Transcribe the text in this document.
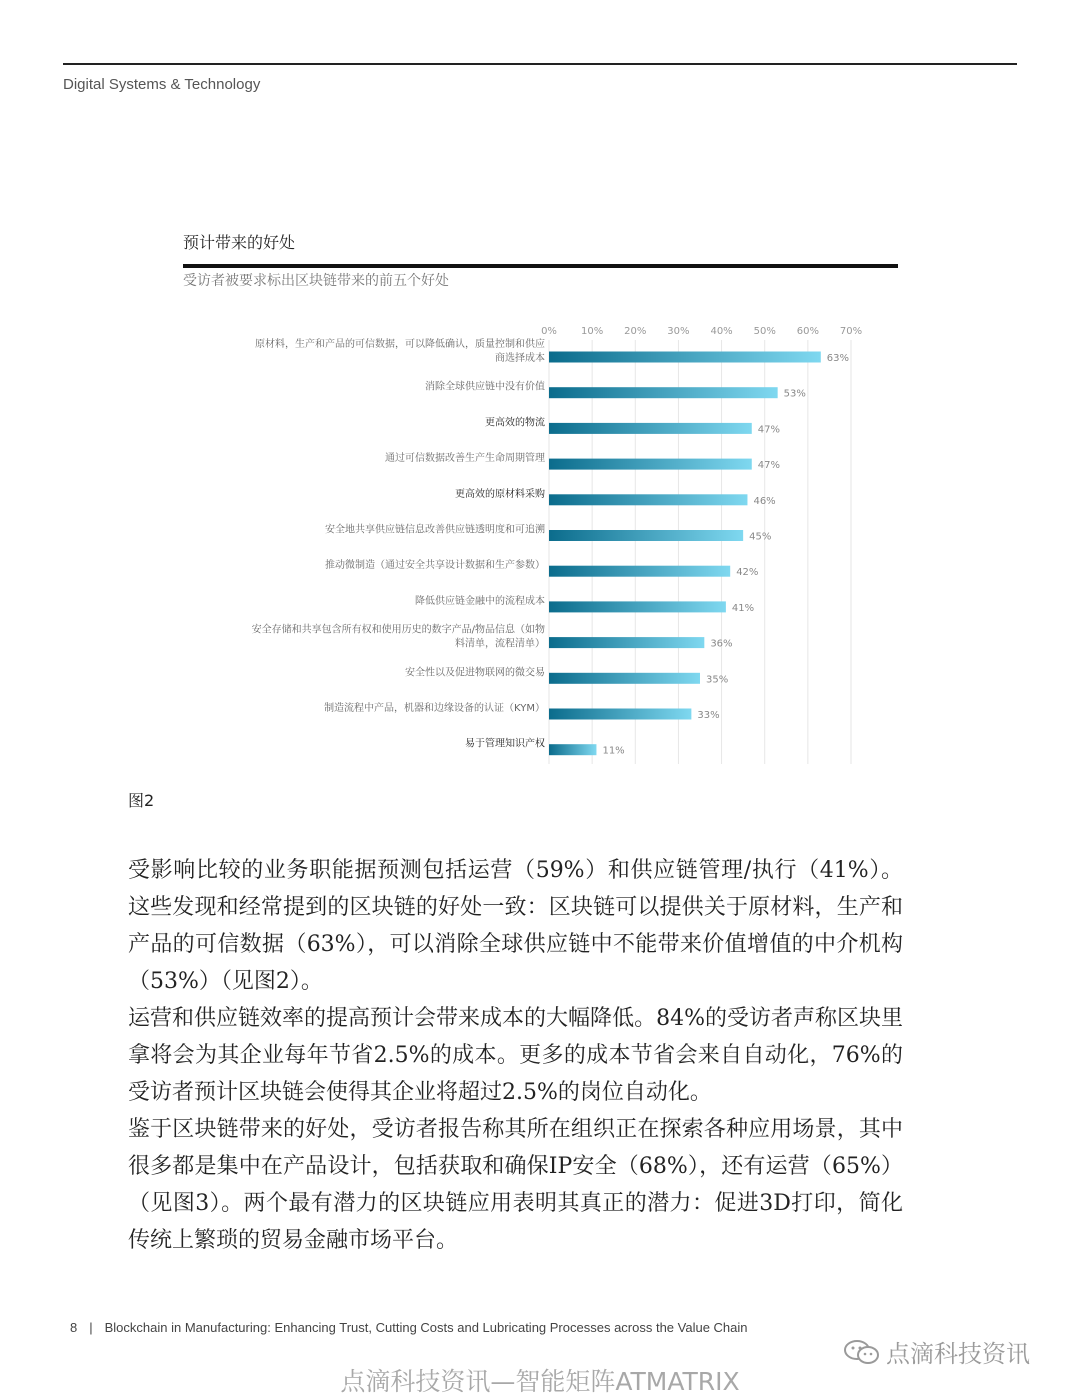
Digital Systems & Technology
预计带来的好处
受访者被要求标出区块链带来的前五个好处
0% 10% 20% 30% 40% 50% 60% 70%
原材料，生产和产品的可信数据，可以降低确认，质量控制和供应
商选择成本
消除全球供应链中没有价值
更高效的物流
通过可信数据改善生产生命周期管理
更高效的原材料采购
安全地共享供应链信息改善供应链透明度和可追溯
推动微制造（通过安全共享设计数据和生产参数）
降低供应链金融中的流程成本
安全存储和共享包含所有权和使用历史的数字产品/物品信息（如物
料清单，流程清单）
安全性以及促进物联网的微交易
制造流程中产品，机器和边缘设备的认证（KYM）
易于管理知识产权
63%
53%
47%
47%
46%
45%
42%
41%
36%
35%
33%
11%
图2

受影响比较的业务职能据预测包括运营（59%）和供应链管理/执行（41%）。这些发现和经常提到的区块链的好处一致：区块链可以提供关于原材料，生产和产品的可信数据（63%），可以消除全球供应链中不能带来价值增值的中介机构（53%）（见图2）。

运营和供应链效率的提高预计会带来成本的大幅降低。84%的受访者声称区块里拿将会为其企业每年节省2.5%的成本。更多的成本节省会来自自动化，76%的受访者预计区块链会使得其企业将超过2.5%的岗位自动化。

鉴于区块链带来的好处，受访者报告称其所在组织正在探索各种应用场景，其中很多都是集中在产品设计，包括获取和确保IP安全（68%），还有运营（65%）（见图3）。两个最有潜力的区块链应用表明其真正的潜力：促进3D打印，简化传统上繁琐的贸易金融市场平台。

8 | Blockchain in Manufacturing: Enhancing Trust, Cutting Costs and Lubricating Processes across the Value Chain
点滴科技资讯
点滴科技资讯—智能矩阵ATMATRIX
